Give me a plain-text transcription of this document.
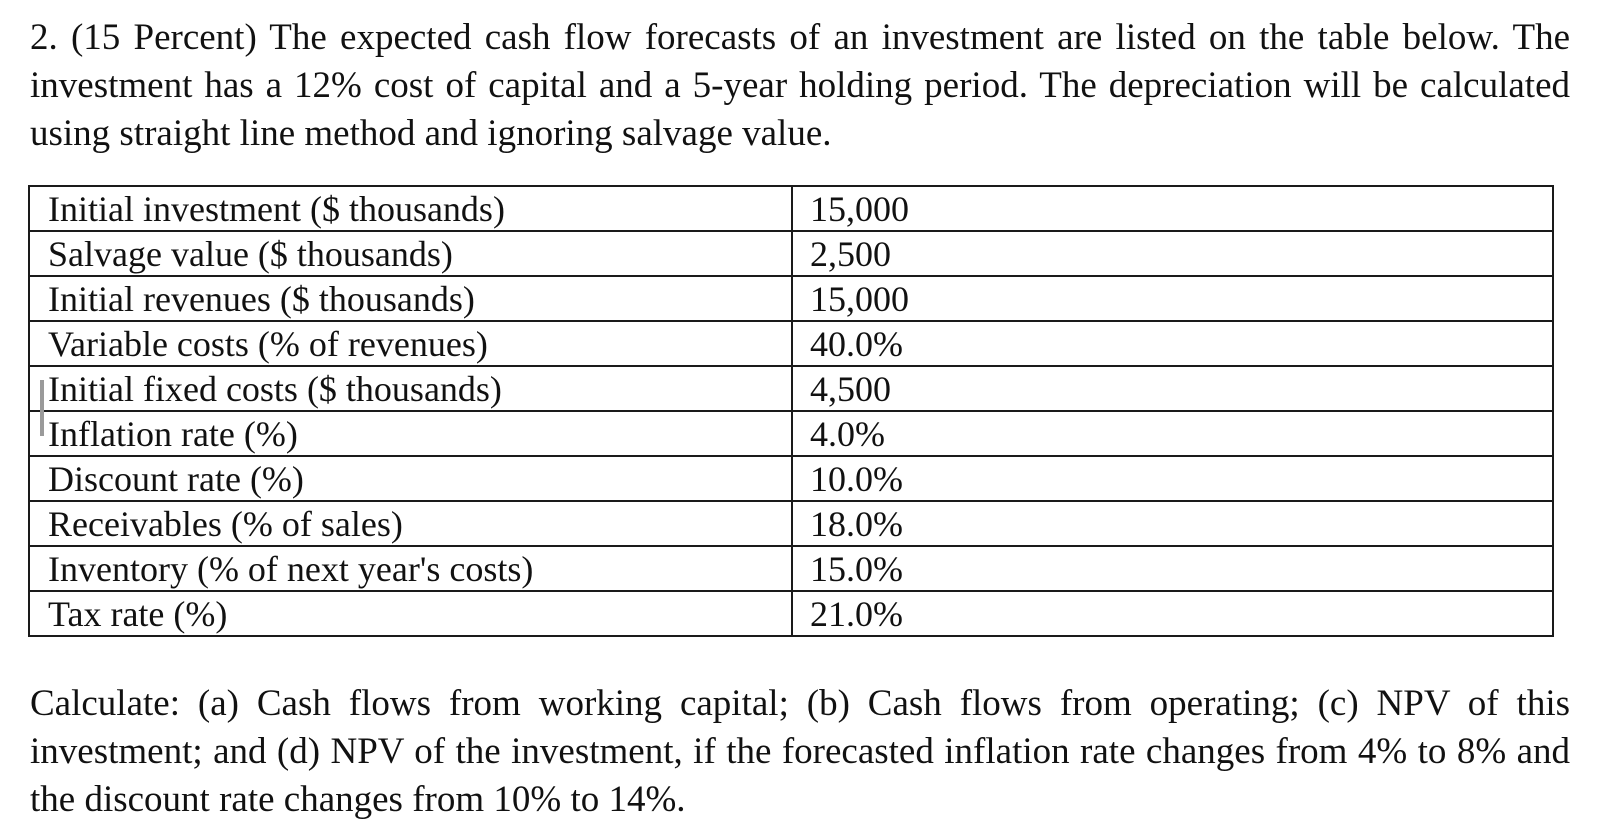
2. (15 Percent) The expected cash flow forecasts of an investment are listed on the table below. The investment has a 12% cost of capital and a 5-year holding period. The depreciation will be calculated using straight line method and ignoring salvage value.

Initial investment ($ thousands)	15,000
Salvage value ($ thousands)	2,500
Initial revenues ($ thousands)	15,000
Variable costs (% of revenues)	40.0%
Initial fixed costs ($ thousands)	4,500
Inflation rate (%)	4.0%
Discount rate (%)	10.0%
Receivables (% of sales)	18.0%
Inventory (% of next year's costs)	15.0%
Tax rate (%)	21.0%

Calculate: (a) Cash flows from working capital; (b) Cash flows from operating; (c) NPV of this investment; and (d) NPV of the investment, if the forecasted inflation rate changes from 4% to 8% and the discount rate changes from 10% to 14%.
